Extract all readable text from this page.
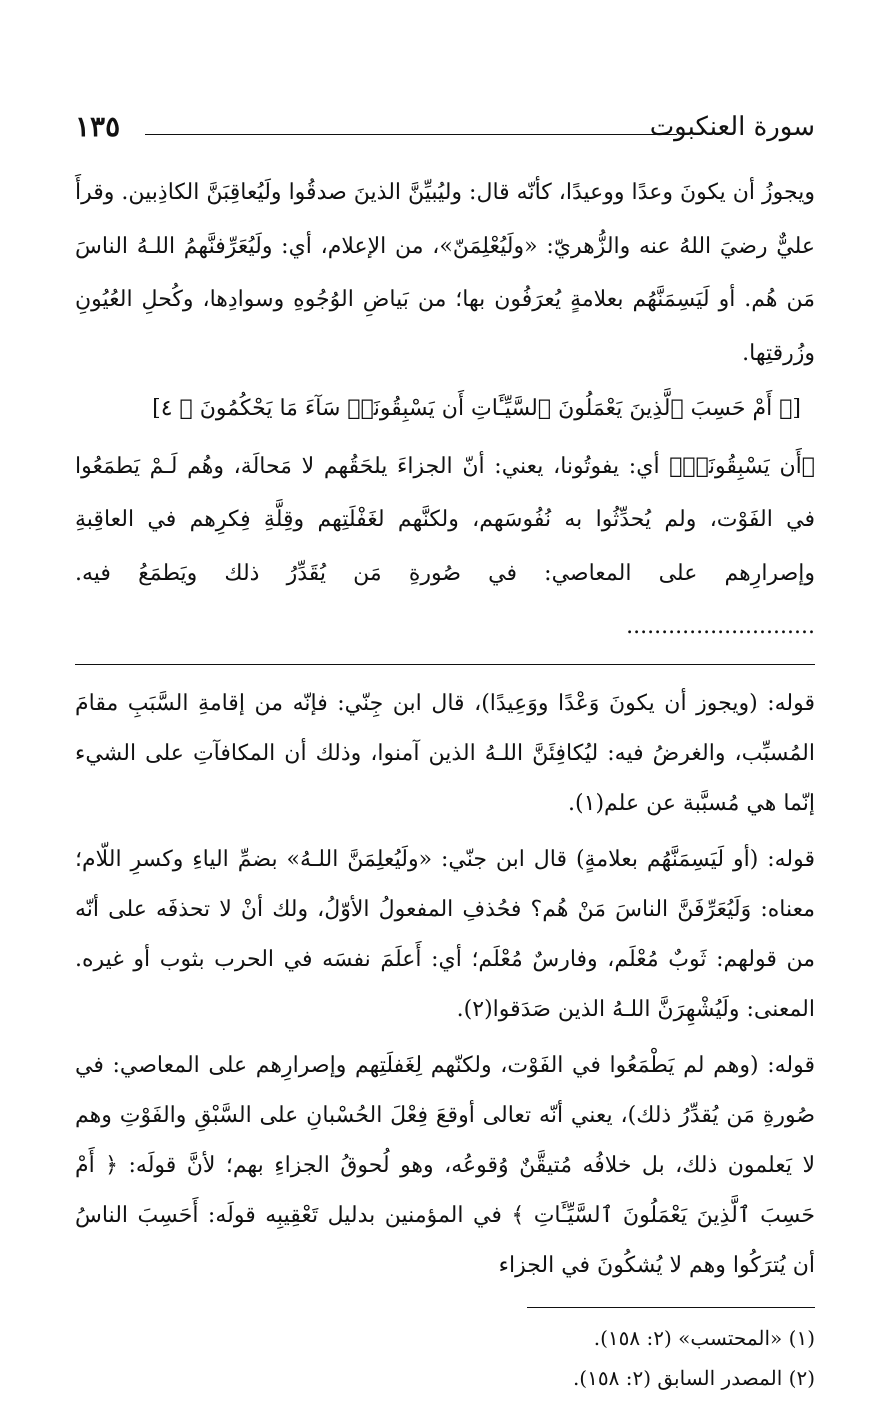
سورة العنكبوت
١٣٥

ويجوزُ أن يكونَ وعدًا ووعيدًا، كأنّه قال: وليُبيِّنَّ الذينَ صدقُوا ولَيُعاقِبَنَّ الكاذِبين. وقرأَ عليٌّ رضيَ اللهُ عنه والزُّهريّ: «ولَيُعْلِمَنّ»، من الإعلام، أي: ولَيُعَرِّفنَّهمُ اللـهُ الناسَ مَن هُم. أو لَيَسِمَنَّهُم بعلامةٍ يُعرَفُون بها؛ من بَياضِ الوُجُوهِ وسوادِها، وكُحلِ العُيُونِ وزُرقتِها.

[﴿ أَمْ حَسِبَ ٱلَّذِينَ يَعْمَلُونَ ٱلسَّيِّـَٔاتِ أَن يَسْبِقُونَاۚ سَآءَ مَا يَحْكُمُونَ ﴾ ٤]

﴿أَن يَسْبِقُونَاۚ﴾ أي: يفوتُونا، يعني: أنّ الجزاءَ يلحَقُهم لا مَحالَة، وهُم لَـمْ يَطمَعُوا في الفَوْت، ولم يُحدِّثُوا به نُفُوسَهم، ولكنَّهم لغَفْلَتِهم وقِلَّةِ فِكرِهم في العاقِبةِ وإصرارِهم على المعاصي: في صُورةِ مَن يُقَدِّرُ ذلك ويَطمَعُ فيه. ...........................

قوله: (ويجوز أن يكونَ وَعْدًا ووَعِيدًا)، قال ابن جِنّي: فإنّه من إقامةِ السَّبَبِ مقامَ المُسبِّب، والغرضُ فيه: ليُكافِئَنَّ اللـهُ الذين آمنوا، وذلك أن المكافآتِ على الشيء إنّما هي مُسبَّبة عن علم(١).

قوله: (أو لَيَسِمَنَّهُم بعلامةٍ) قال ابن جنّي: «ولَيُعلِمَنَّ اللـهُ» بضمِّ الياءِ وكسرِ اللّام؛ معناه: وَلَيُعَرِّفَنَّ الناسَ مَنْ هُم؟ فحُذفِ المفعولُ الأوّلُ، ولك أنْ لا تحذفَه على أنّه من قولهم: ثَوبٌ مُعْلَم، وفارسٌ مُعْلَم؛ أي: أَعلَمَ نفسَه في الحرب بثوب أو غيره. المعنى: ولَيُشْهِرَنَّ اللـهُ الذين صَدَقوا(٢).

قوله: (وهم لم يَطْمَعُوا في الفَوْت، ولكنّهم لِغَفلَتِهم وإصرارِهم على المعاصي: في صُورةِ مَن يُقدِّرُ ذلك)، يعني أنّه تعالى أوقعَ فِعْلَ الحُسْبانِ على السَّبْقِ والفَوْتِ وهم لا يَعلمون ذلك، بل خلافُه مُتيقَّنٌ وُقوعُه، وهو لُحوقُ الجزاءِ بهم؛ لأنَّ قولَه: ﴿ أَمْ حَسِبَ ٱلَّذِينَ يَعْمَلُونَ ٱلسَّيِّـَٔاتِ ﴾ في المؤمنين بدليل تَعْقِيبِه قولَه: أَحَسِبَ الناسُ أن يُترَكُوا وهم لا يُشكُونَ في الجزاء

(١) «المحتسب» (٢: ١٥٨).

(٢) المصدر السابق (٢: ١٥٨).
